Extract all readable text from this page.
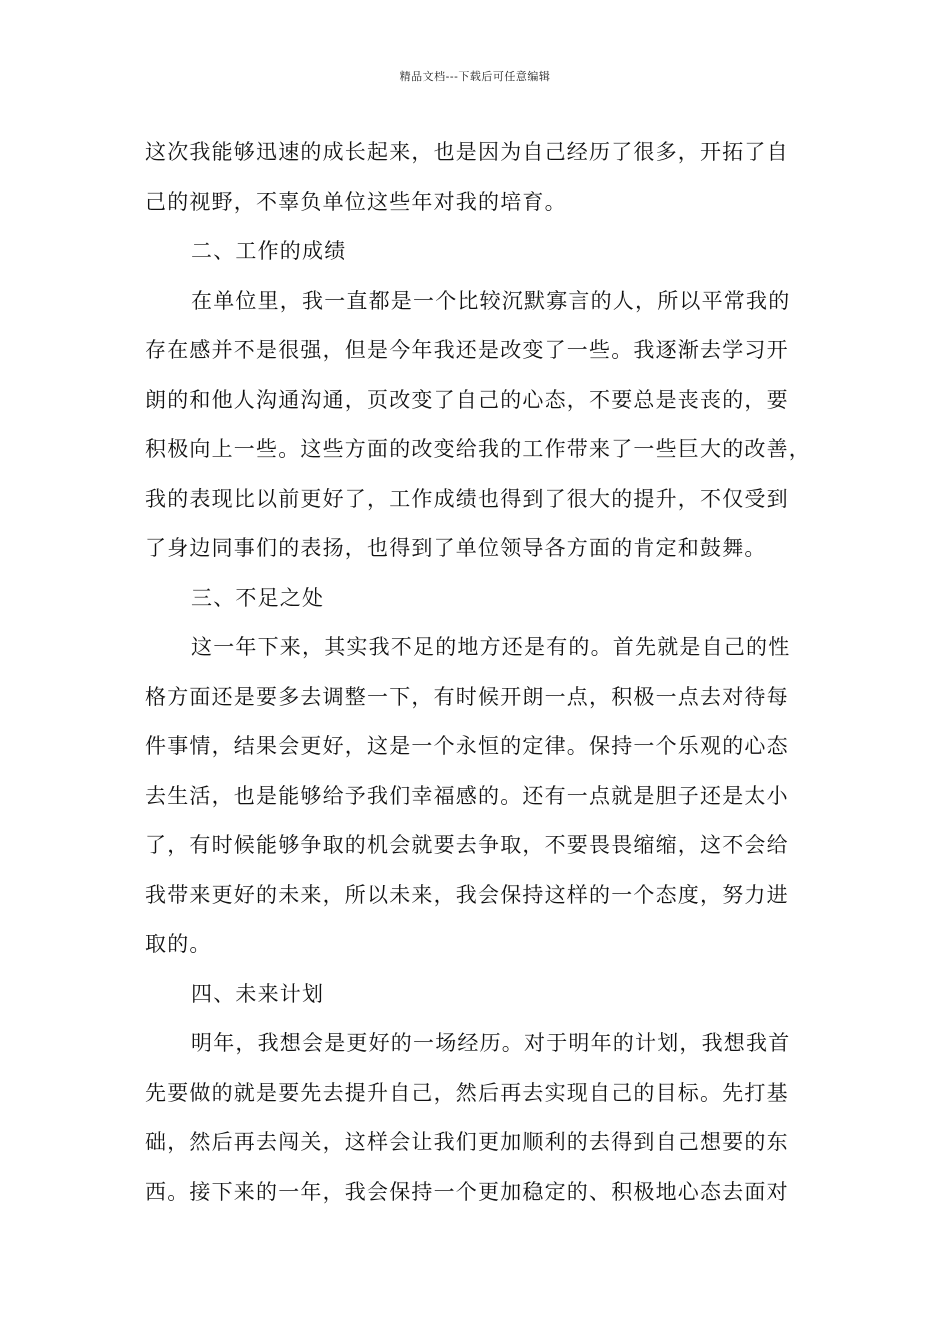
精品文档---下载后可任意编辑
这次我能够迅速的成长起来，也是因为自己经历了很多，开拓了自
己的视野，不辜负单位这些年对我的培育。
二、工作的成绩
在单位里，我一直都是一个比较沉默寡言的人，所以平常我的
存在感并不是很强，但是今年我还是改变了一些。我逐渐去学习开
朗的和他人沟通沟通，页改变了自己的心态，不要总是丧丧的，要
积极向上一些。这些方面的改变给我的工作带来了一些巨大的改善，
我的表现比以前更好了，工作成绩也得到了很大的提升，不仅受到
了身边同事们的表扬，也得到了单位领导各方面的肯定和鼓舞。
三、不足之处
这一年下来，其实我不足的地方还是有的。首先就是自己的性
格方面还是要多去调整一下，有时候开朗一点，积极一点去对待每
件事情，结果会更好，这是一个永恒的定律。保持一个乐观的心态
去生活，也是能够给予我们幸福感的。还有一点就是胆子还是太小
了，有时候能够争取的机会就要去争取，不要畏畏缩缩，这不会给
我带来更好的未来，所以未来，我会保持这样的一个态度，努力进
取的。
四、未来计划
明年，我想会是更好的一场经历。对于明年的计划，我想我首
先要做的就是要先去提升自己，然后再去实现自己的目标。先打基
础，然后再去闯关，这样会让我们更加顺利的去得到自己想要的东
西。接下来的一年，我会保持一个更加稳定的、积极地心态去面对
